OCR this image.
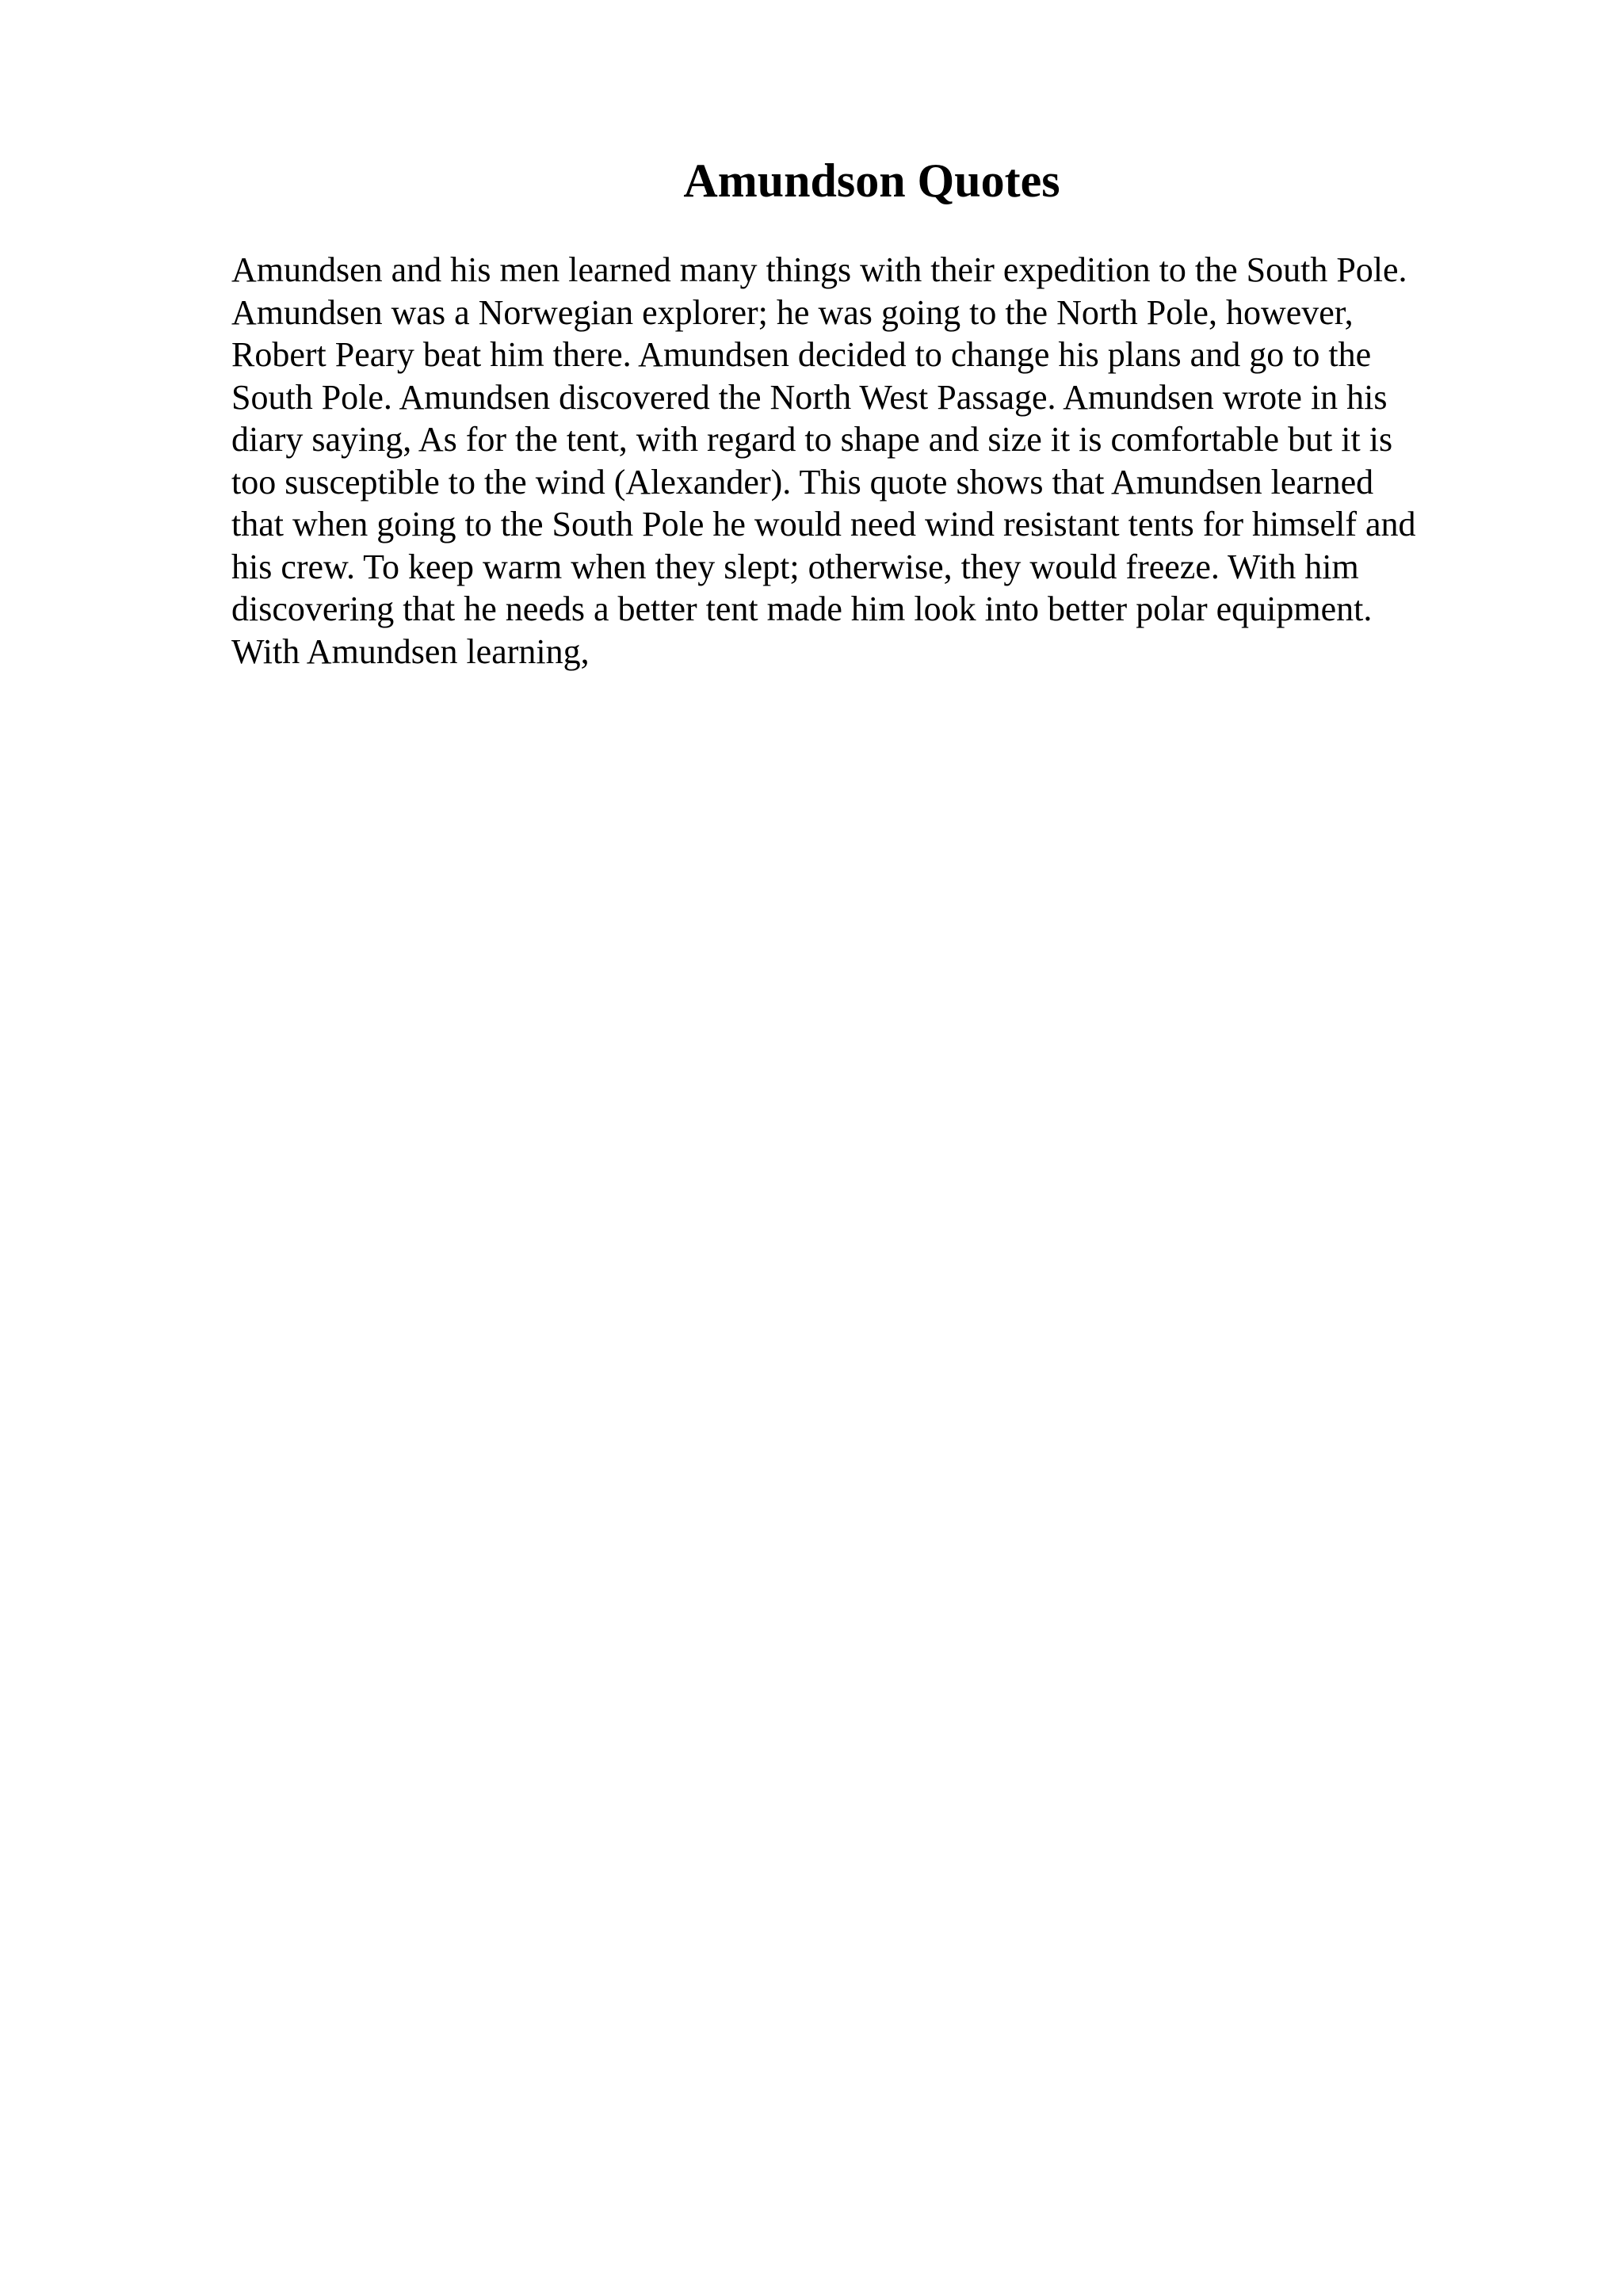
Amundson Quotes
Amundsen and his men learned many things with their expedition to the South Pole.
Amundsen was a Norwegian explorer; he was going to the North Pole, however,
Robert Peary beat him there. Amundsen decided to change his plans and go to the
South Pole. Amundsen discovered the North West Passage. Amundsen wrote in his
diary saying, As for the tent, with regard to shape and size it is comfortable but it is
too susceptible to the wind (Alexander). This quote shows that Amundsen learned
that when going to the South Pole he would need wind resistant tents for himself and
his crew. To keep warm when they slept; otherwise, they would freeze. With him
discovering that he needs a better tent made him look into better polar equipment.
With Amundsen learning,
